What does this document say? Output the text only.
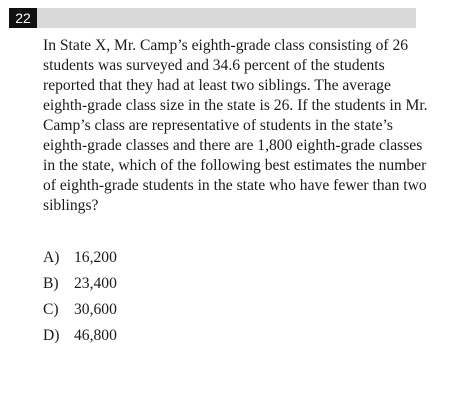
22

In State X, Mr. Camp’s eighth-grade class consisting of 26 students was surveyed and 34.6 percent of the students reported that they had at least two siblings. The average eighth-grade class size in the state is 26. If the students in Mr. Camp’s class are representative of students in the state’s eighth-grade classes and there are 1,800 eighth-grade classes in the state, which of the following best estimates the number of eighth-grade students in the state who have fewer than two siblings?

A) 16,200
B) 23,400
C) 30,600
D) 46,800
